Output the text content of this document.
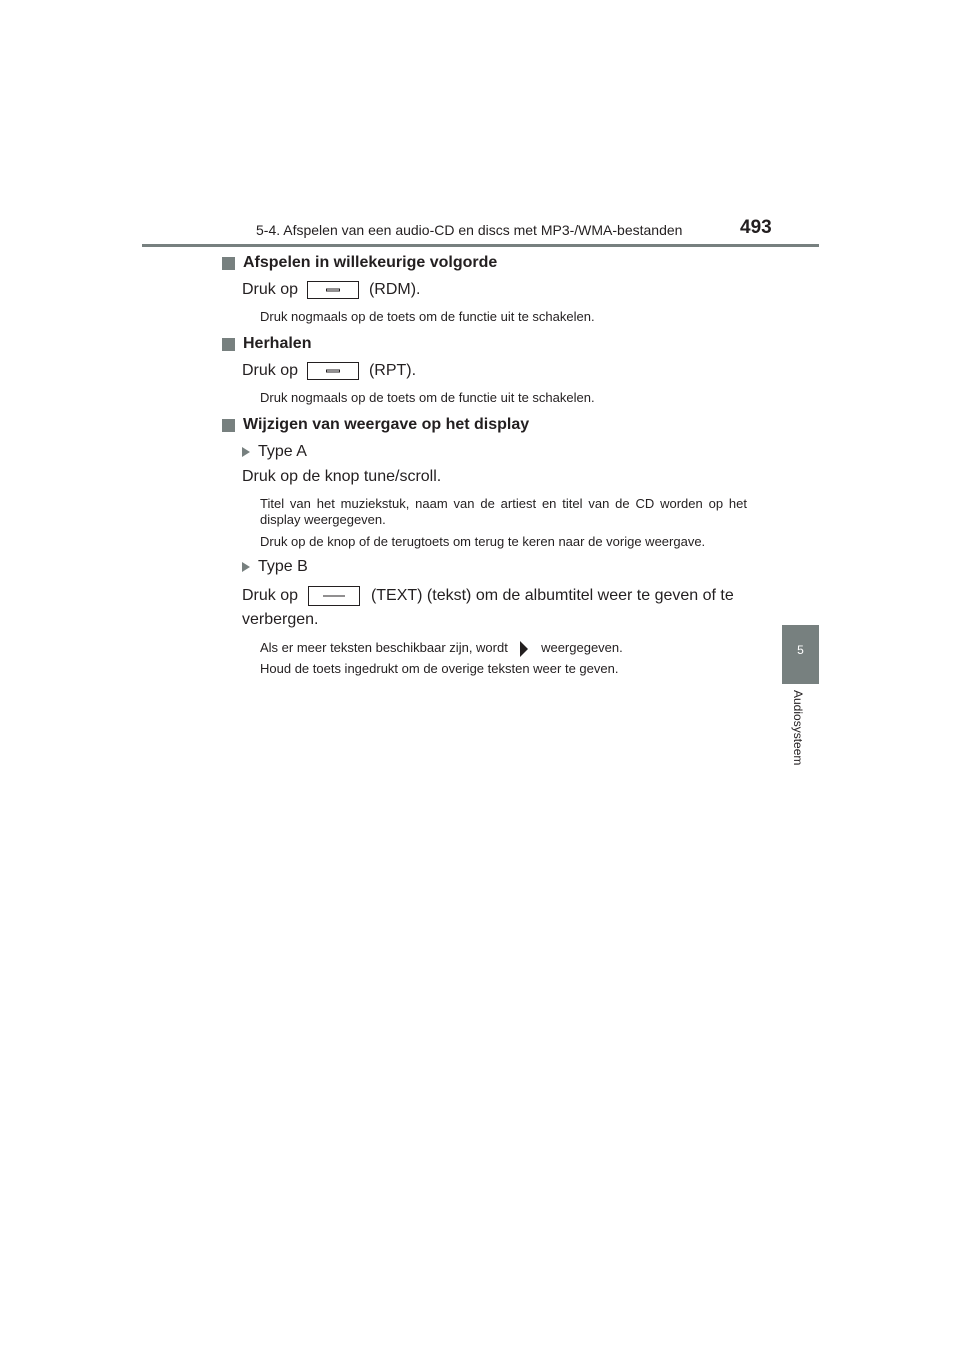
5-4. Afspelen van een audio-CD en discs met MP3-/WMA-bestanden	493
5
Audiosysteem
Afspelen in willekeurige volgorde
Druk op	(RDM).
Druk nogmaals op de toets om de functie uit te schakelen.
Herhalen
Druk op	(RPT).
Druk nogmaals op de toets om de functie uit te schakelen.
Wijzigen van weergave op het display
Type A
Druk op de knop tune/scroll.
Titel van het muziekstuk, naam van de artiest en titel van de CD worden op het display weergegeven.
Druk op de knop of de terugtoets om terug te keren naar de vorige weergave.
Type B
Druk op	(TEXT) (tekst) om de albumtitel weer te geven of te
verbergen.
Als er meer teksten beschikbaar zijn, wordt	weergegeven.
Houd de toets ingedrukt om de overige teksten weer te geven.
